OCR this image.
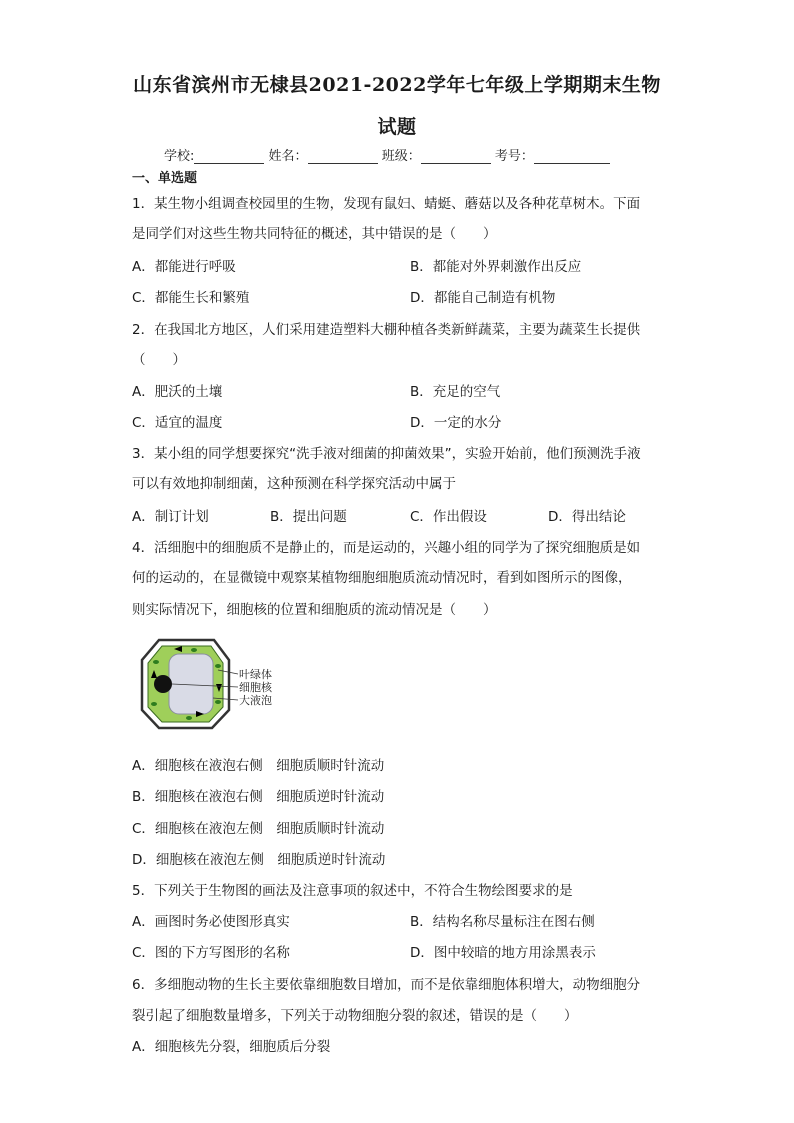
山东省滨州市无棣县2021-2022学年七年级上学期期末生物
试题
学校:	姓名：	班级：	考号：
一、单选题
1．某生物小组调查校园里的生物，发现有鼠妇、蜻蜓、蘑菇以及各种花草树木。下面
是同学们对这些生物共同特征的概述，其中错误的是（　　）
A．都能进行呼吸	B．都能对外界刺激作出反应
C．都能生长和繁殖	D．都能自己制造有机物
2．在我国北方地区，人们采用建造塑料大棚种植各类新鲜蔬菜，主要为蔬菜生长提供
（　　）
A．肥沃的土壤	B．充足的空气
C．适宜的温度	D．一定的水分
3．某小组的同学想要探究“洗手液对细菌的抑菌效果”，实验开始前，他们预测洗手液
可以有效地抑制细菌，这种预测在科学探究活动中属于
A．制订计划	B．提出问题	C．作出假设	D．得出结论
4．活细胞中的细胞质不是静止的，而是运动的，兴趣小组的同学为了探究细胞质是如
何的运动的，在显微镜中观察某植物细胞细胞质流动情况时，看到如图所示的图像，
则实际情况下，细胞核的位置和细胞质的流动情况是（　　）
叶绿体
细胞核
大液泡
A．细胞核在液泡右侧　细胞质顺时针流动
B．细胞核在液泡右侧　细胞质逆时针流动
C．细胞核在液泡左侧　细胞质顺时针流动
D．细胞核在液泡左侧　细胞质逆时针流动
5．下列关于生物图的画法及注意事项的叙述中，不符合生物绘图要求的是
A．画图时务必使图形真实	B．结构名称尽量标注在图右侧
C．图的下方写图形的名称	D．图中较暗的地方用涂黑表示
6．多细胞动物的生长主要依靠细胞数目增加，而不是依靠细胞体积增大，动物细胞分
裂引起了细胞数量增多，下列关于动物细胞分裂的叙述，错误的是（　　）
A．细胞核先分裂，细胞质后分裂
